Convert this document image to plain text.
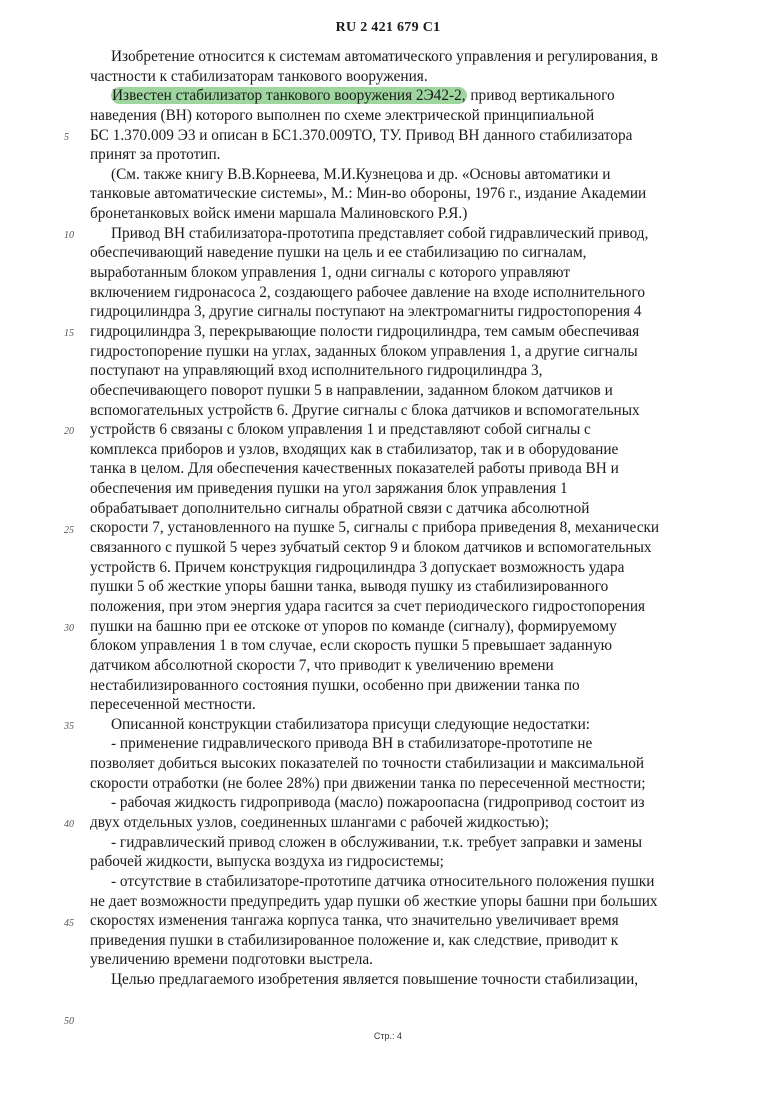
RU 2 421 679 C1
5
10
15
20
25
30
35
40
45
50
Изобретение относится к системам автоматического управления и регулирования, в
частности к стабилизаторам танкового вооружения.
Известен стабилизатор танкового вооружения 2Э42-2, привод вертикального
наведения (ВН) которого выполнен по схеме электрической принципиальной
БС 1.370.009 Э3 и описан в БС1.370.009ТО, ТУ. Привод ВН данного стабилизатора
принят за прототип.
(См. также книгу В.В.Корнеева, М.И.Кузнецова и др. «Основы автоматики и
танковые автоматические системы», М.: Мин-во обороны, 1976 г., издание Академии
бронетанковых войск имени маршала Малиновского Р.Я.)
Привод ВН стабилизатора-прототипа представляет собой гидравлический привод,
обеспечивающий наведение пушки на цель и ее стабилизацию по сигналам,
выработанным блоком управления 1, одни сигналы с которого управляют
включением гидронасоса 2, создающего рабочее давление на входе исполнительного
гидроцилиндра 3, другие сигналы поступают на электромагниты гидростопорения 4
гидроцилиндра 3, перекрывающие полости гидроцилиндра, тем самым обеспечивая
гидростопорение пушки на углах, заданных блоком управления 1, а другие сигналы
поступают на управляющий вход исполнительного гидроцилиндра 3,
обеспечивающего поворот пушки 5 в направлении, заданном блоком датчиков и
вспомогательных устройств 6. Другие сигналы с блока датчиков и вспомогательных
устройств 6 связаны с блоком управления 1 и представляют собой сигналы с
комплекса приборов и узлов, входящих как в стабилизатор, так и в оборудование
танка в целом. Для обеспечения качественных показателей работы привода ВН и
обеспечения им приведения пушки на угол заряжания блок управления 1
обрабатывает дополнительно сигналы обратной связи с датчика абсолютной
скорости 7, установленного на пушке 5, сигналы с прибора приведения 8, механически
связанного с пушкой 5 через зубчатый сектор 9 и блоком датчиков и вспомогательных
устройств 6. Причем конструкция гидроцилиндра 3 допускает возможность удара
пушки 5 об жесткие упоры башни танка, выводя пушку из стабилизированного
положения, при этом энергия удара гасится за счет периодического гидростопорения
пушки на башню при ее отскоке от упоров по команде (сигналу), формируемому
блоком управления 1 в том случае, если скорость пушки 5 превышает заданную
датчиком абсолютной скорости 7, что приводит к увеличению времени
нестабилизированного состояния пушки, особенно при движении танка по
пересеченной местности.
Описанной конструкции стабилизатора присущи следующие недостатки:
- применение гидравлического привода ВН в стабилизаторе-прототипе не
позволяет добиться высоких показателей по точности стабилизации и максимальной
скорости отработки (не более 28%) при движении танка по пересеченной местности;
- рабочая жидкость гидропривода (масло) пожароопасна (гидропривод состоит из
двух отдельных узлов, соединенных шлангами с рабочей жидкостью);
- гидравлический привод сложен в обслуживании, т.к. требует заправки и замены
рабочей жидкости, выпуска воздуха из гидросистемы;
- отсутствие в стабилизаторе-прототипе датчика относительного положения пушки
не дает возможности предупредить удар пушки об жесткие упоры башни при больших
скоростях изменения тангажа корпуса танка, что значительно увеличивает время
приведения пушки в стабилизированное положение и, как следствие, приводит к
увеличению времени подготовки выстрела.
Целью предлагаемого изобретения является повышение точности стабилизации,
Стр.: 4
